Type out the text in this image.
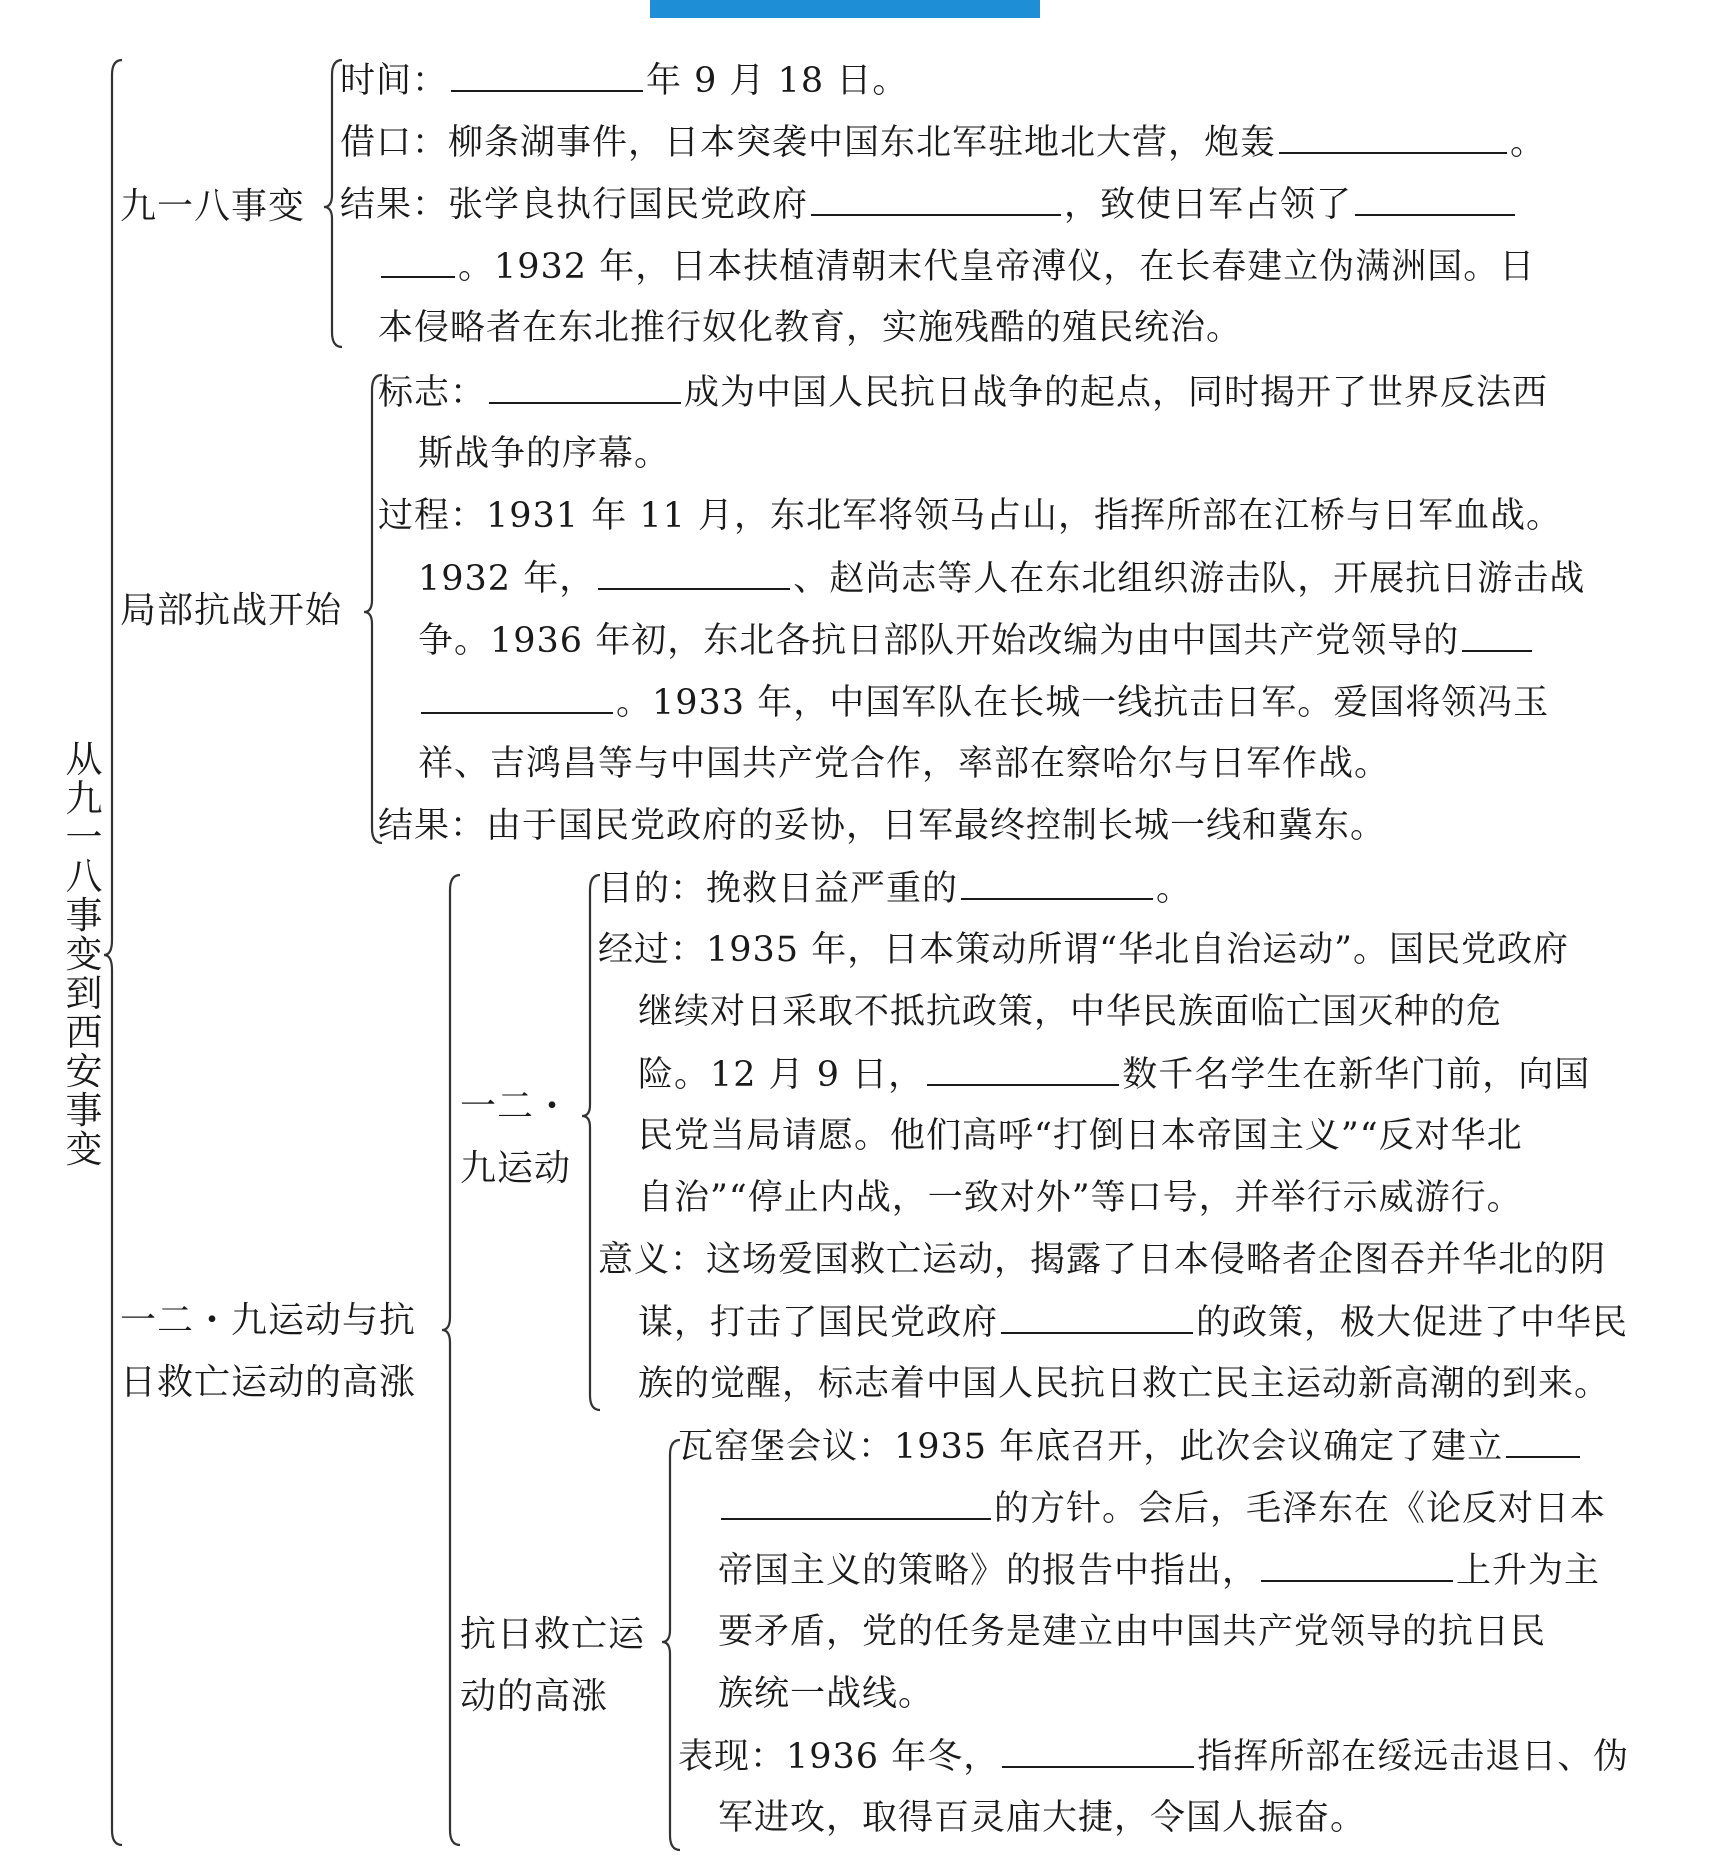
从九一八事变到西安事变
九一八事变
时间：	年 9 月 18 日。
借口：柳条湖事件，日本突袭中国东北军驻地北大营，炮轰	。
结果：张学良执行国民党政府	，致使日军占领了
。1932 年，日本扶植清朝末代皇帝溥仪，在长春建立伪满洲国。日
本侵略者在东北推行奴化教育，实施残酷的殖民统治。
局部抗战开始
标志：	成为中国人民抗日战争的起点，同时揭开了世界反法西
斯战争的序幕。
过程：1931 年 11 月，东北军将领马占山，指挥所部在江桥与日军血战。
1932 年，	、赵尚志等人在东北组织游击队，开展抗日游击战
争。1936 年初，东北各抗日部队开始改编为由中国共产党领导的
。1933 年，中国军队在长城一线抗击日军。爱国将领冯玉
祥、吉鸿昌等与中国共产党合作，率部在察哈尔与日军作战。
结果：由于国民党政府的妥协，日军最终控制长城一线和冀东。
一二・九运动与抗
日救亡运动的高涨
一二・
九运动
目的：挽救日益严重的	。
经过：1935 年，日本策动所谓“华北自治运动”。国民党政府
继续对日采取不抵抗政策，中华民族面临亡国灭种的危
险。12 月 9 日，	数千名学生在新华门前，向国
民党当局请愿。他们高呼“打倒日本帝国主义”“反对华北
自治”“停止内战，一致对外”等口号，并举行示威游行。
意义：这场爱国救亡运动，揭露了日本侵略者企图吞并华北的阴
谋，打击了国民党政府	的政策，极大促进了中华民
族的觉醒，标志着中国人民抗日救亡民主运动新高潮的到来。
抗日救亡运
动的高涨
瓦窑堡会议：1935 年底召开，此次会议确定了建立
的方针。会后，毛泽东在《论反对日本
帝国主义的策略》的报告中指出，	上升为主
要矛盾，党的任务是建立由中国共产党领导的抗日民
族统一战线。
表现：1936 年冬，	指挥所部在绥远击退日、伪
军进攻，取得百灵庙大捷，令国人振奋。
